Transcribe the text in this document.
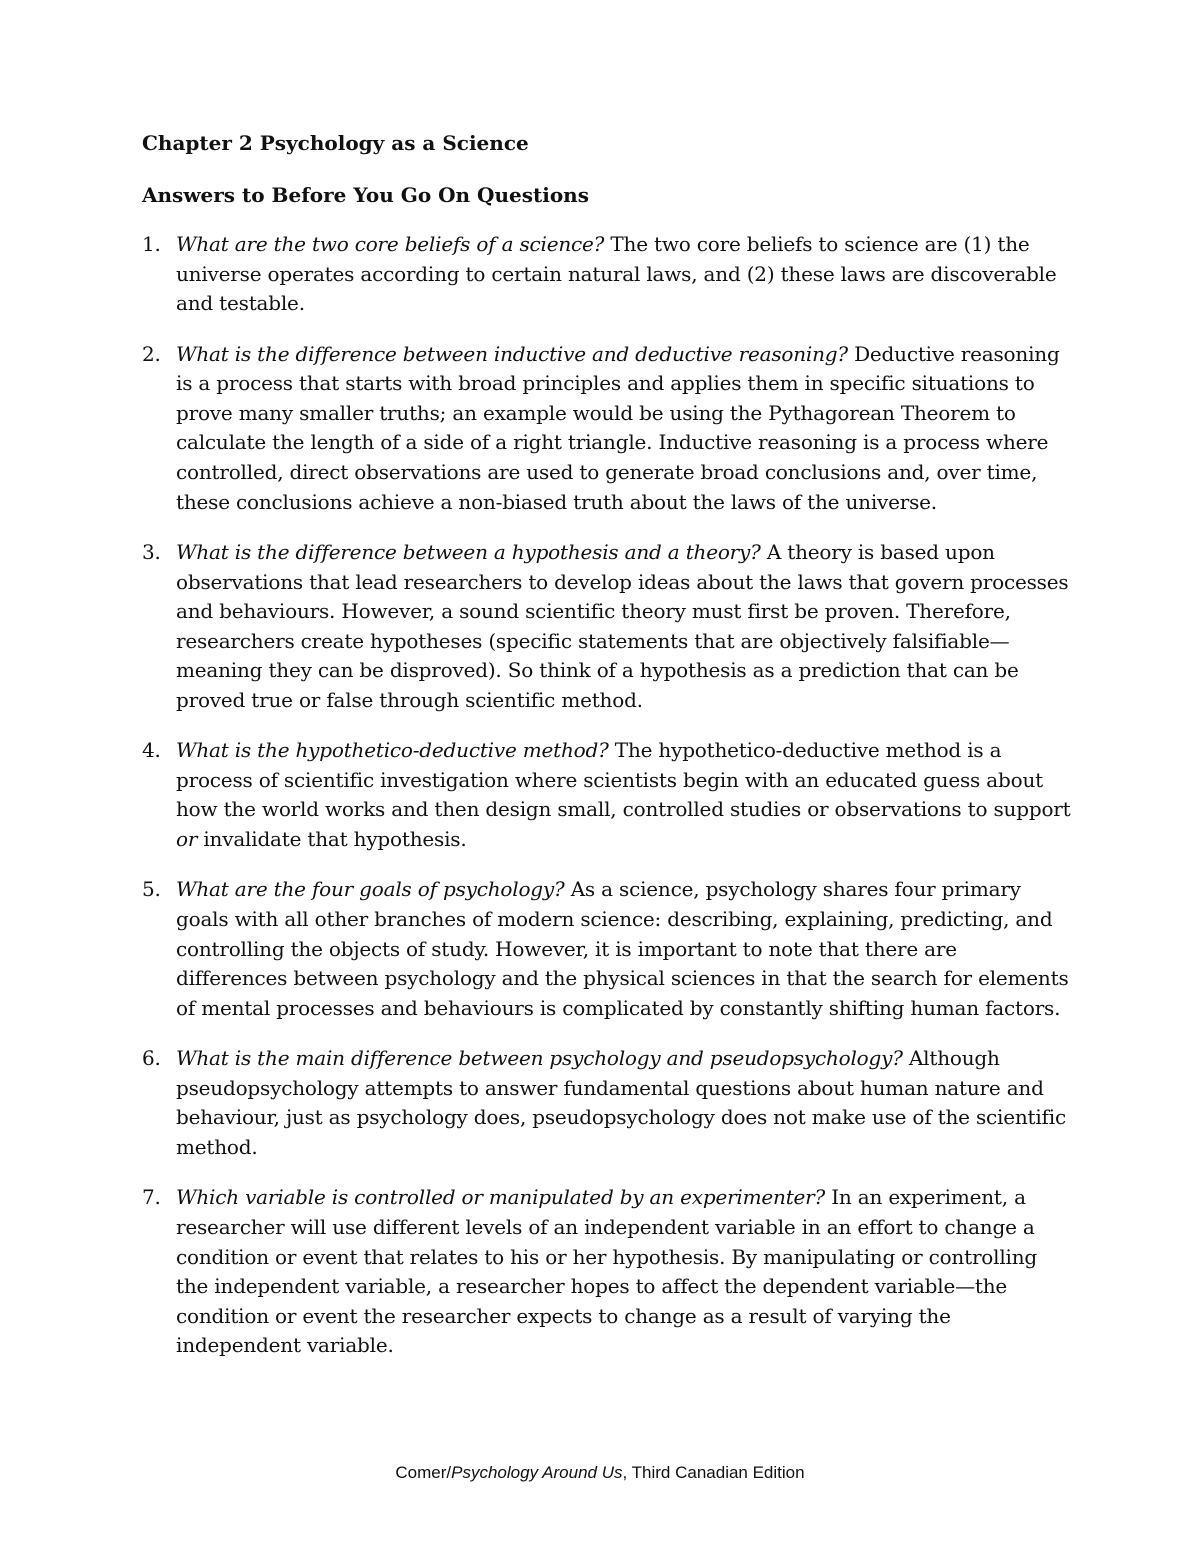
Chapter 2 Psychology as a Science
Answers to Before You Go On Questions
1. What are the two core beliefs of a science? The two core beliefs to science are (1) the universe operates according to certain natural laws, and (2) these laws are discoverable and testable.
2. What is the difference between inductive and deductive reasoning? Deductive reasoning is a process that starts with broad principles and applies them in specific situations to prove many smaller truths; an example would be using the Pythagorean Theorem to calculate the length of a side of a right triangle. Inductive reasoning is a process where controlled, direct observations are used to generate broad conclusions and, over time, these conclusions achieve a non-biased truth about the laws of the universe.
3. What is the difference between a hypothesis and a theory? A theory is based upon observations that lead researchers to develop ideas about the laws that govern processes and behaviours. However, a sound scientific theory must first be proven. Therefore, researchers create hypotheses (specific statements that are objectively falsifiable—meaning they can be disproved). So think of a hypothesis as a prediction that can be proved true or false through scientific method.
4. What is the hypothetico-deductive method? The hypothetico-deductive method is a process of scientific investigation where scientists begin with an educated guess about how the world works and then design small, controlled studies or observations to support or invalidate that hypothesis.
5. What are the four goals of psychology? As a science, psychology shares four primary goals with all other branches of modern science: describing, explaining, predicting, and controlling the objects of study. However, it is important to note that there are differences between psychology and the physical sciences in that the search for elements of mental processes and behaviours is complicated by constantly shifting human factors.
6. What is the main difference between psychology and pseudopsychology? Although pseudopsychology attempts to answer fundamental questions about human nature and behaviour, just as psychology does, pseudopsychology does not make use of the scientific method.
7. Which variable is controlled or manipulated by an experimenter? In an experiment, a researcher will use different levels of an independent variable in an effort to change a condition or event that relates to his or her hypothesis. By manipulating or controlling the independent variable, a researcher hopes to affect the dependent variable—the condition or event the researcher expects to change as a result of varying the independent variable.
Comer/Psychology Around Us, Third Canadian Edition
